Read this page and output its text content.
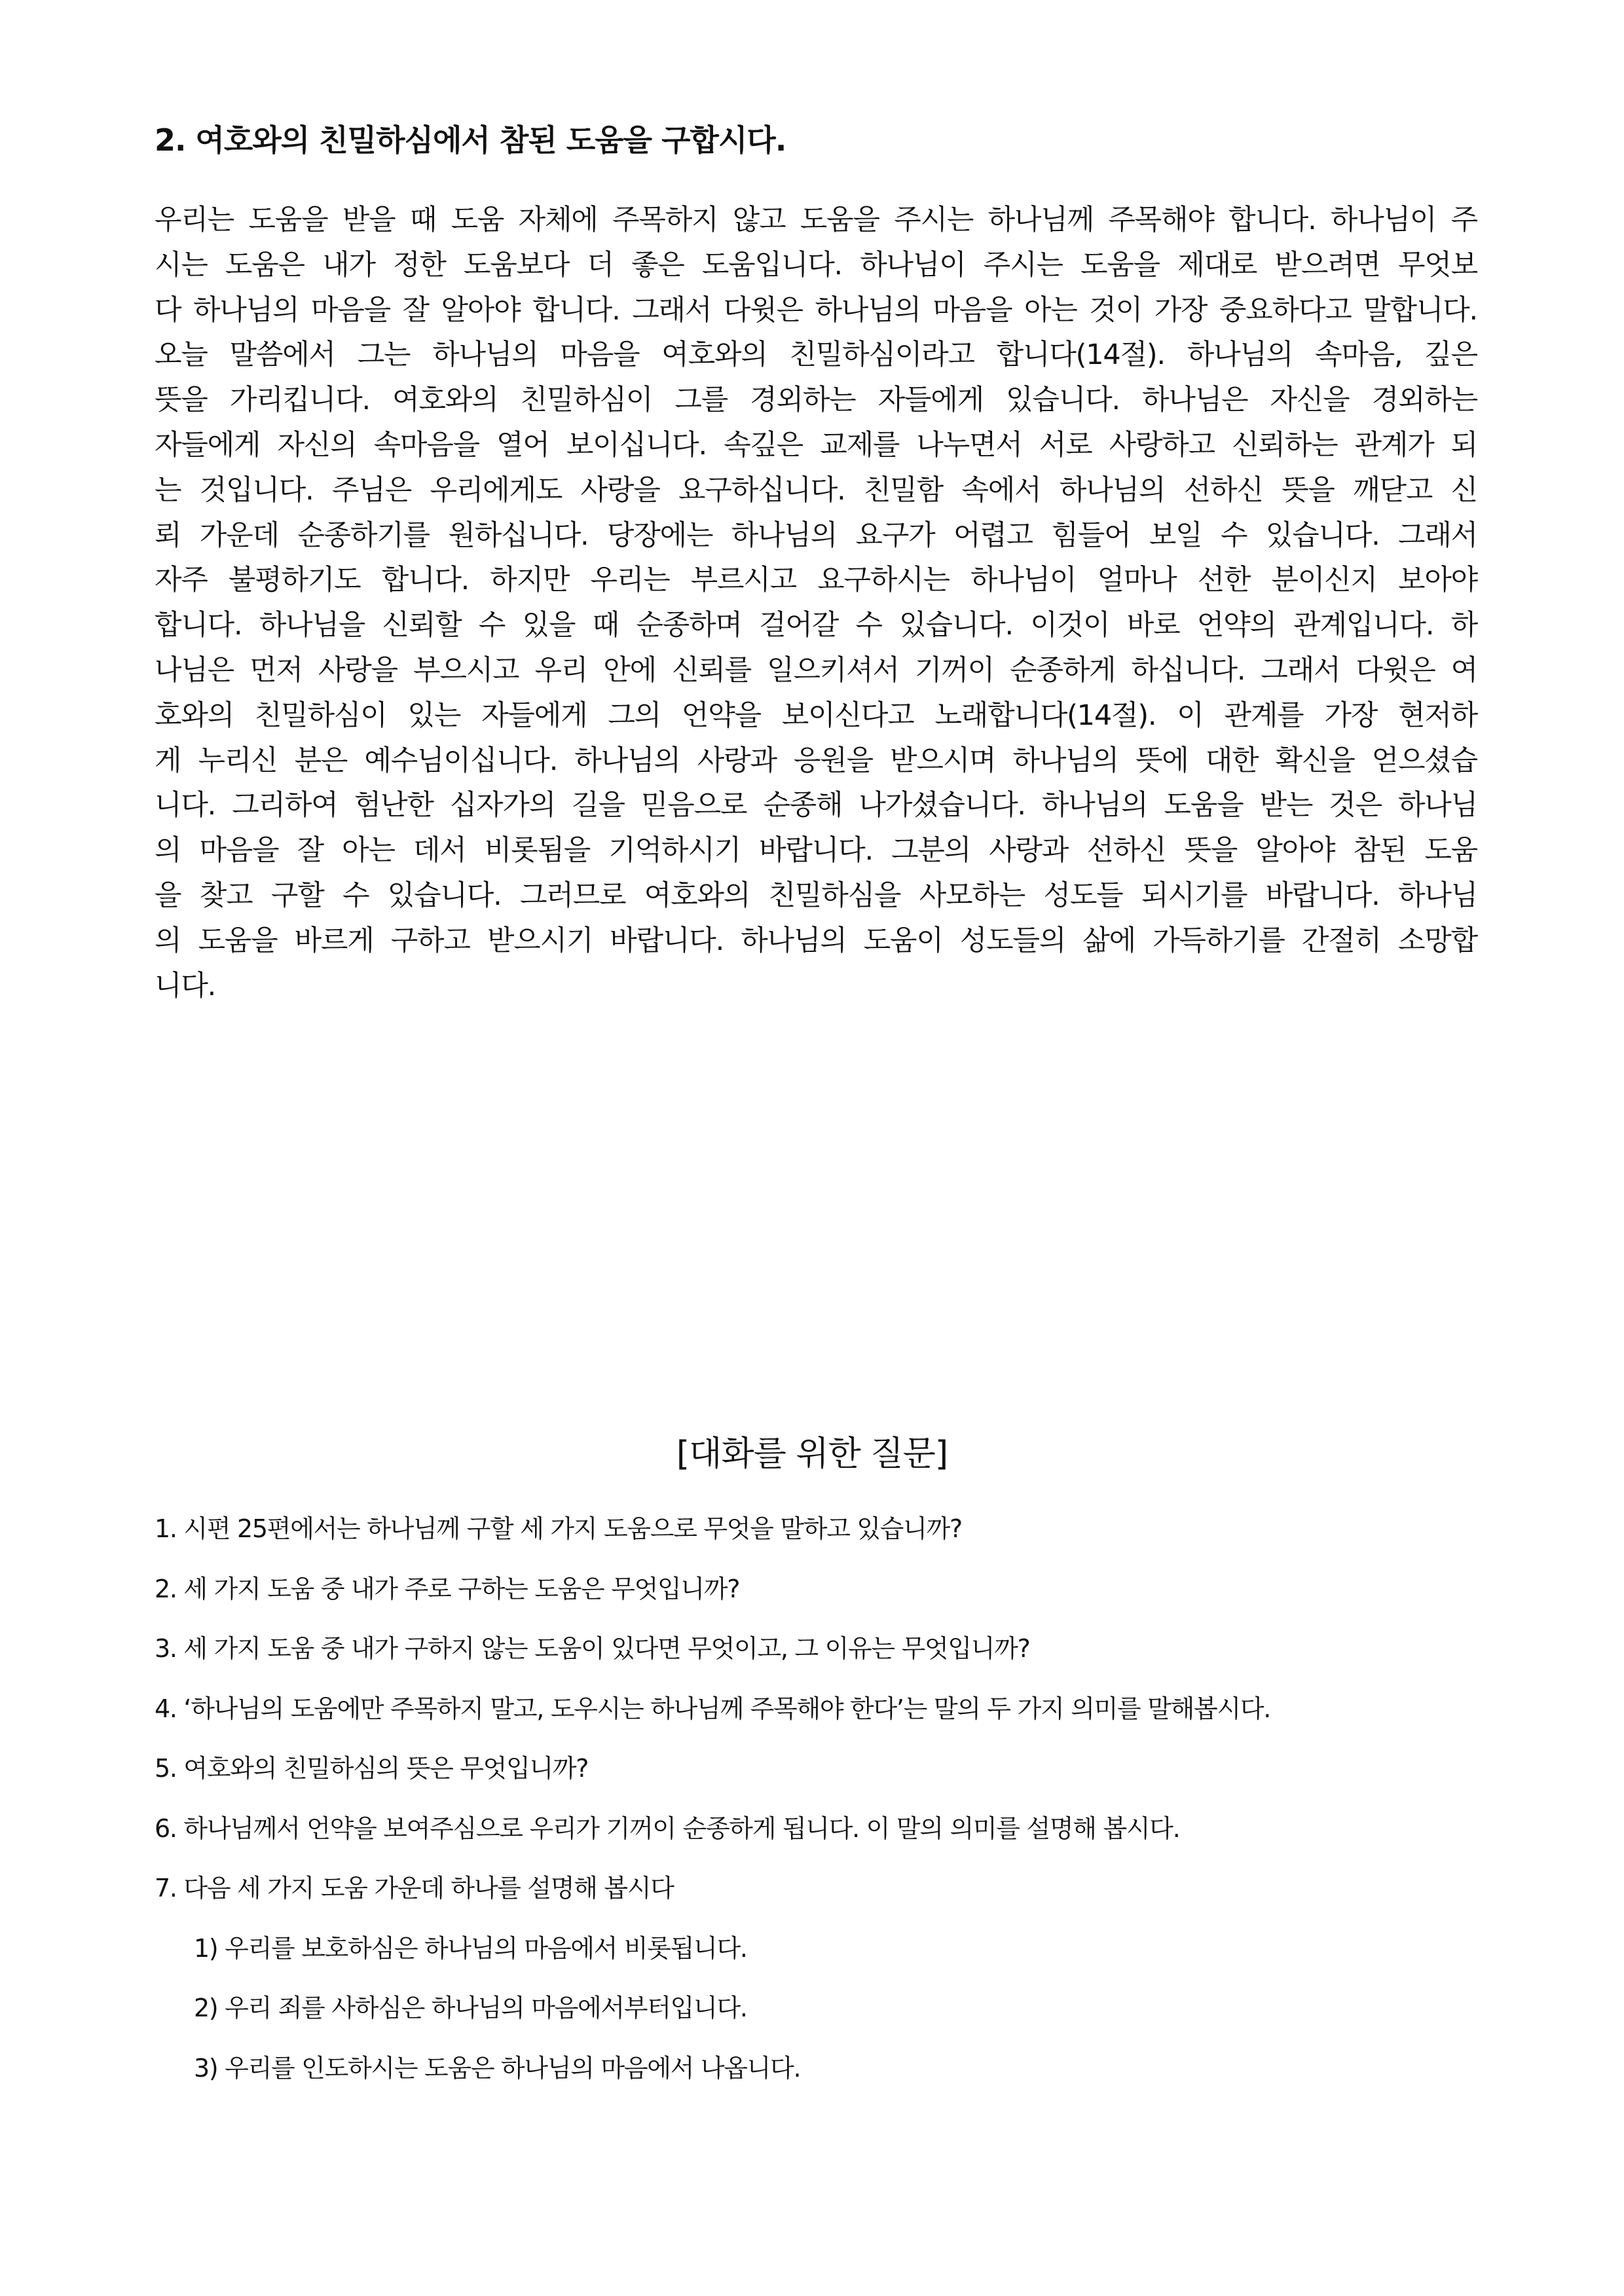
2. 여호와의 친밀하심에서 참된 도움을 구합시다.
우리는 도움을 받을 때 도움 자체에 주목하지 않고 도움을 주시는 하나님께 주목해야 합니다. 하나님이 주
시는 도움은 내가 정한 도움보다 더 좋은 도움입니다. 하나님이 주시는 도움을 제대로 받으려면 무엇보
다 하나님의 마음을 잘 알아야 합니다. 그래서 다윗은 하나님의 마음을 아는 것이 가장 중요하다고 말합니다.
오늘 말씀에서 그는 하나님의 마음을 여호와의 친밀하심이라고 합니다(14절). 하나님의 속마음, 깊은
뜻을 가리킵니다. 여호와의 친밀하심이 그를 경외하는 자들에게 있습니다. 하나님은 자신을 경외하는
자들에게 자신의 속마음을 열어 보이십니다. 속깊은 교제를 나누면서 서로 사랑하고 신뢰하는 관계가 되
는 것입니다. 주님은 우리에게도 사랑을 요구하십니다. 친밀함 속에서 하나님의 선하신 뜻을 깨닫고 신
뢰 가운데 순종하기를 원하십니다. 당장에는 하나님의 요구가 어렵고 힘들어 보일 수 있습니다. 그래서
자주 불평하기도 합니다. 하지만 우리는 부르시고 요구하시는 하나님이 얼마나 선한 분이신지 보아야
합니다. 하나님을 신뢰할 수 있을 때 순종하며 걸어갈 수 있습니다. 이것이 바로 언약의 관계입니다. 하
나님은 먼저 사랑을 부으시고 우리 안에 신뢰를 일으키셔서 기꺼이 순종하게 하십니다. 그래서 다윗은 여
호와의 친밀하심이 있는 자들에게 그의 언약을 보이신다고 노래합니다(14절). 이 관계를 가장 현저하
게 누리신 분은 예수님이십니다. 하나님의 사랑과 응원을 받으시며 하나님의 뜻에 대한 확신을 얻으셨습
니다. 그리하여 험난한 십자가의 길을 믿음으로 순종해 나가셨습니다. 하나님의 도움을 받는 것은 하나님
의 마음을 잘 아는 데서 비롯됨을 기억하시기 바랍니다. 그분의 사랑과 선하신 뜻을 알아야 참된 도움
을 찾고 구할 수 있습니다. 그러므로 여호와의 친밀하심을 사모하는 성도들 되시기를 바랍니다. 하나님
의 도움을 바르게 구하고 받으시기 바랍니다. 하나님의 도움이 성도들의 삶에 가득하기를 간절히 소망합
니다.
[대화를 위한 질문]
1. 시편 25편에서는 하나님께 구할 세 가지 도움으로 무엇을 말하고 있습니까?
2. 세 가지 도움 중 내가 주로 구하는 도움은 무엇입니까?
3. 세 가지 도움 중 내가 구하지 않는 도움이 있다면 무엇이고, 그 이유는 무엇입니까?
4. ‘하나님의 도움에만 주목하지 말고, 도우시는 하나님께 주목해야 한다’는 말의 두 가지 의미를 말해봅시다.
5. 여호와의 친밀하심의 뜻은 무엇입니까?
6. 하나님께서 언약을 보여주심으로 우리가 기꺼이 순종하게 됩니다. 이 말의 의미를 설명해 봅시다.
7. 다음 세 가지 도움 가운데 하나를 설명해 봅시다
1) 우리를 보호하심은 하나님의 마음에서 비롯됩니다.
2) 우리 죄를 사하심은 하나님의 마음에서부터입니다.
3) 우리를 인도하시는 도움은 하나님의 마음에서 나옵니다.
